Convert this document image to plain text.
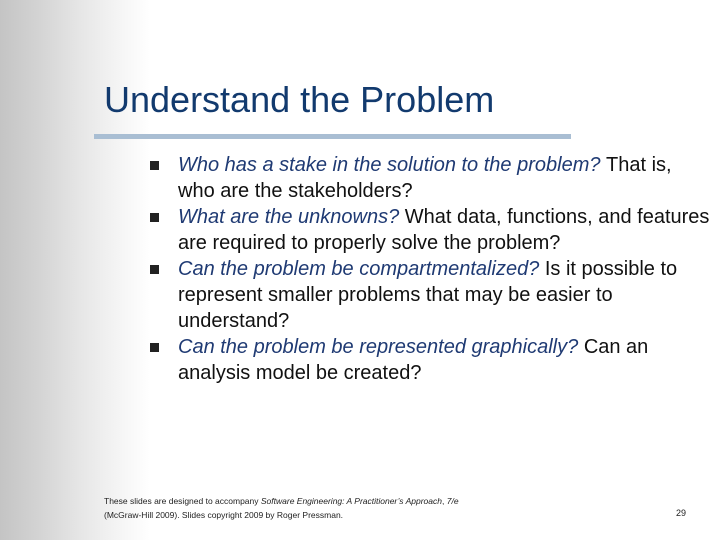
Understand the Problem
Who has a stake in the solution to the problem? That is, who are the stakeholders?
What are the unknowns? What data, functions, and features are required to properly solve the problem?
Can the problem be compartmentalized? Is it possible to represent smaller problems that may be easier to understand?
Can the problem be represented graphically? Can an analysis model be created?
These slides are designed to accompany Software Engineering: A Practitioner’s Approach, 7/e
(McGraw-Hill 2009). Slides copyright 2009 by Roger Pressman.	29
